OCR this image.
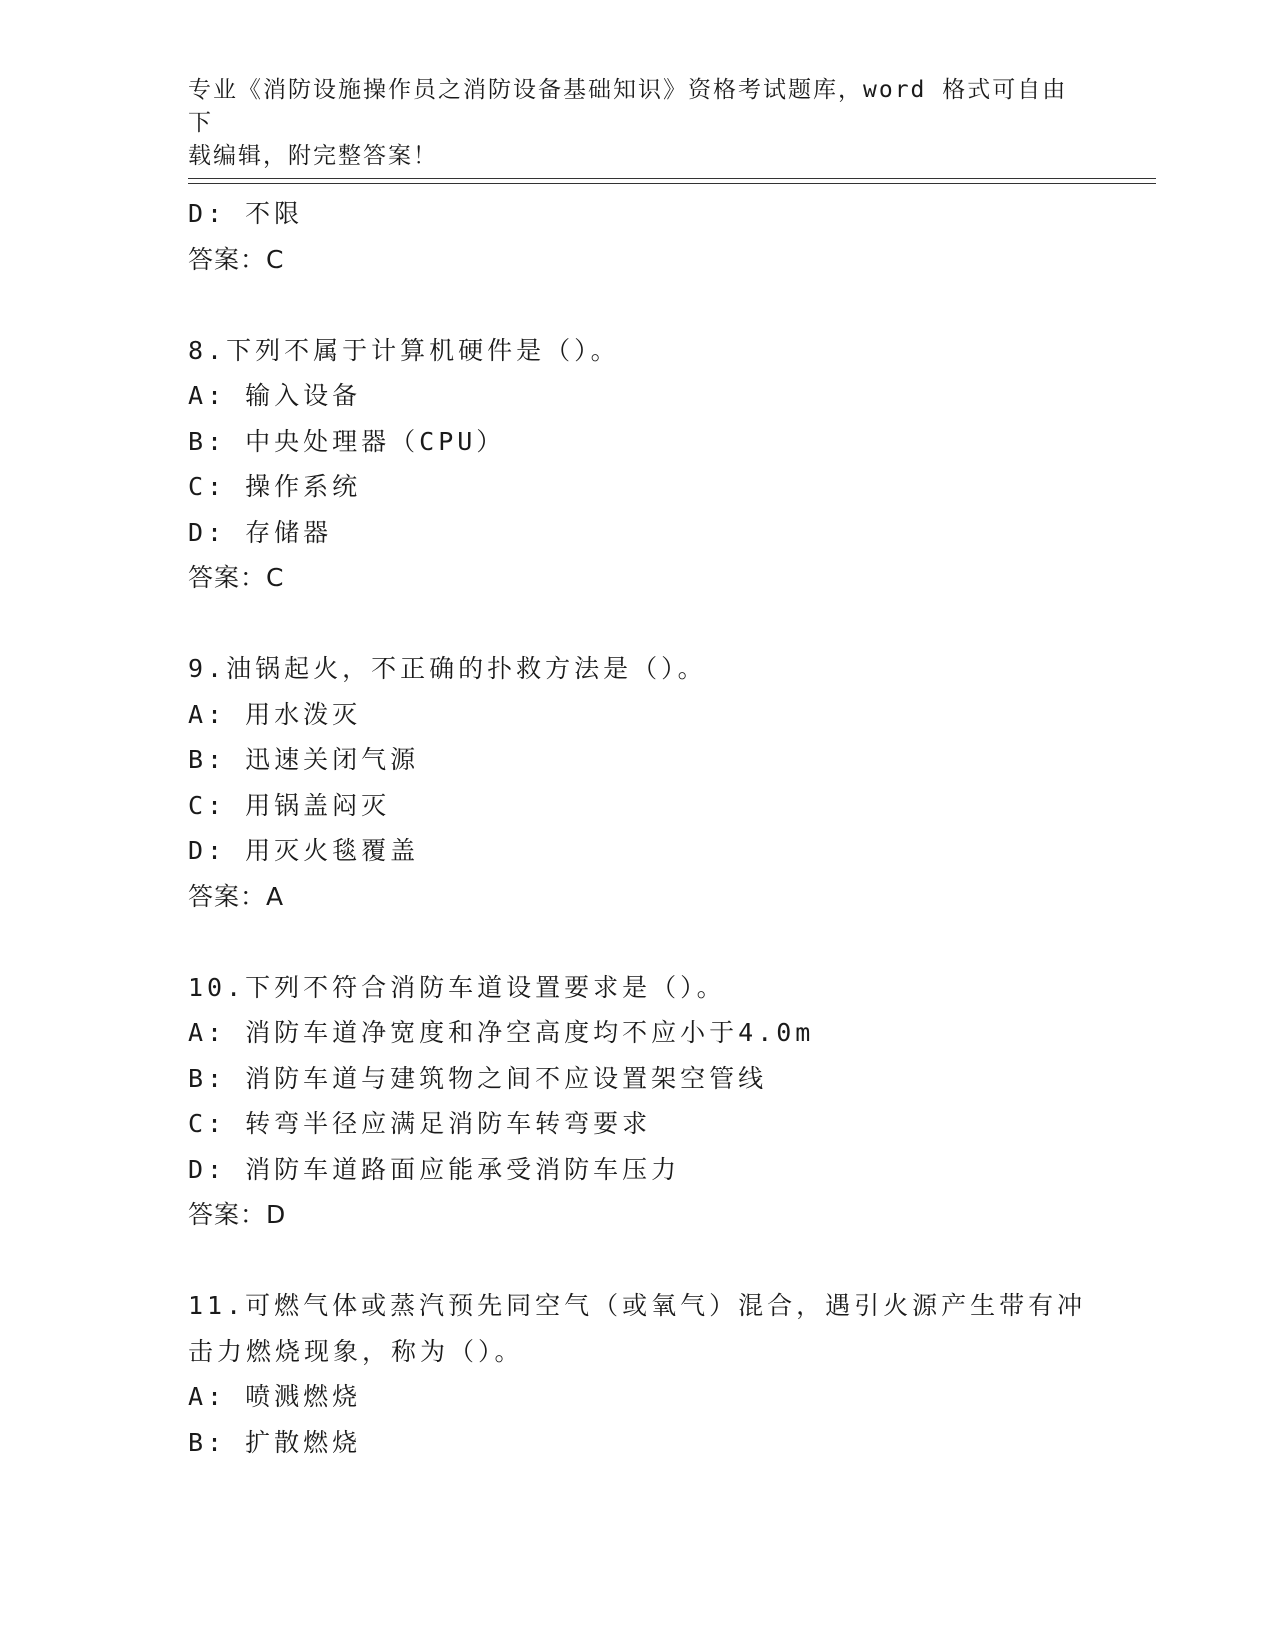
专业《消防设施操作员之消防设备基础知识》资格考试题库，word 格式可自由下
载编辑，附完整答案！
D: 不限
答案：C
8.下列不属于计算机硬件是（）。
A: 输入设备
B: 中央处理器（CPU）
C: 操作系统
D: 存储器
答案：C
9.油锅起火，不正确的扑救方法是（）。
A: 用水泼灭
B: 迅速关闭气源
C: 用锅盖闷灭
D: 用灭火毯覆盖
答案：A
10.下列不符合消防车道设置要求是（）。
A: 消防车道净宽度和净空高度均不应小于4.0m
B: 消防车道与建筑物之间不应设置架空管线
C: 转弯半径应满足消防车转弯要求
D: 消防车道路面应能承受消防车压力
答案：D
11.可燃气体或蒸汽预先同空气（或氧气）混合，遇引火源产生带有冲
击力燃烧现象，称为（）。
A: 喷溅燃烧
B: 扩散燃烧
